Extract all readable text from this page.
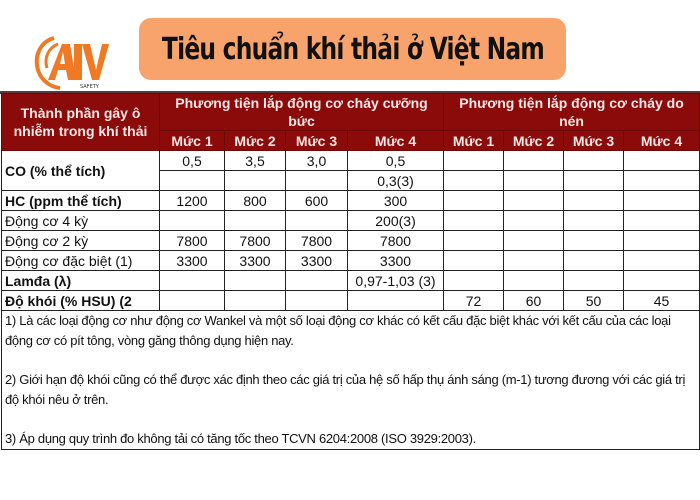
SAFETY
Tiêu chuẩn khí thải ở Việt Nam
Thành phần gây ô nhiễm trong khí thải	Phương tiện lắp động cơ cháy cưỡng bức				Phương tiện lắp động cơ cháy do nén			
	Mức 1	Mức 2	Mức 3	Mức 4	Mức 1	Mức 2	Mức 3	Mức 4
CO (% thể tích)	0,5	3,5	3,0	0,5				
				0,3(3)				
HC (ppm thể tích)	1200	800	600	300				
Động cơ 4 kỳ				200(3)				
Động cơ 2 kỳ	7800	7800	7800	7800				
Động cơ đặc biệt (1)	3300	3300	3300	3300				
Lamđa (λ)				0,97-1,03 (3)				
Độ khói (% HSU) (2					72	60	50	45

1) Là các loại động cơ như động cơ Wankel và một số loại động cơ khác có kết cấu đặc biệt khác với kết cấu của các loại động cơ có pít tông, vòng găng thông dụng hiện nay.

2) Giới hạn độ khói cũng có thể được xác định theo các giá trị của hệ số hấp thụ ánh sáng (m-1) tương đương với các giá trị độ khói nêu ở trên.

3) Áp dụng quy trình đo không tải có tăng tốc theo TCVN 6204:2008 (ISO 3929:2003).								
